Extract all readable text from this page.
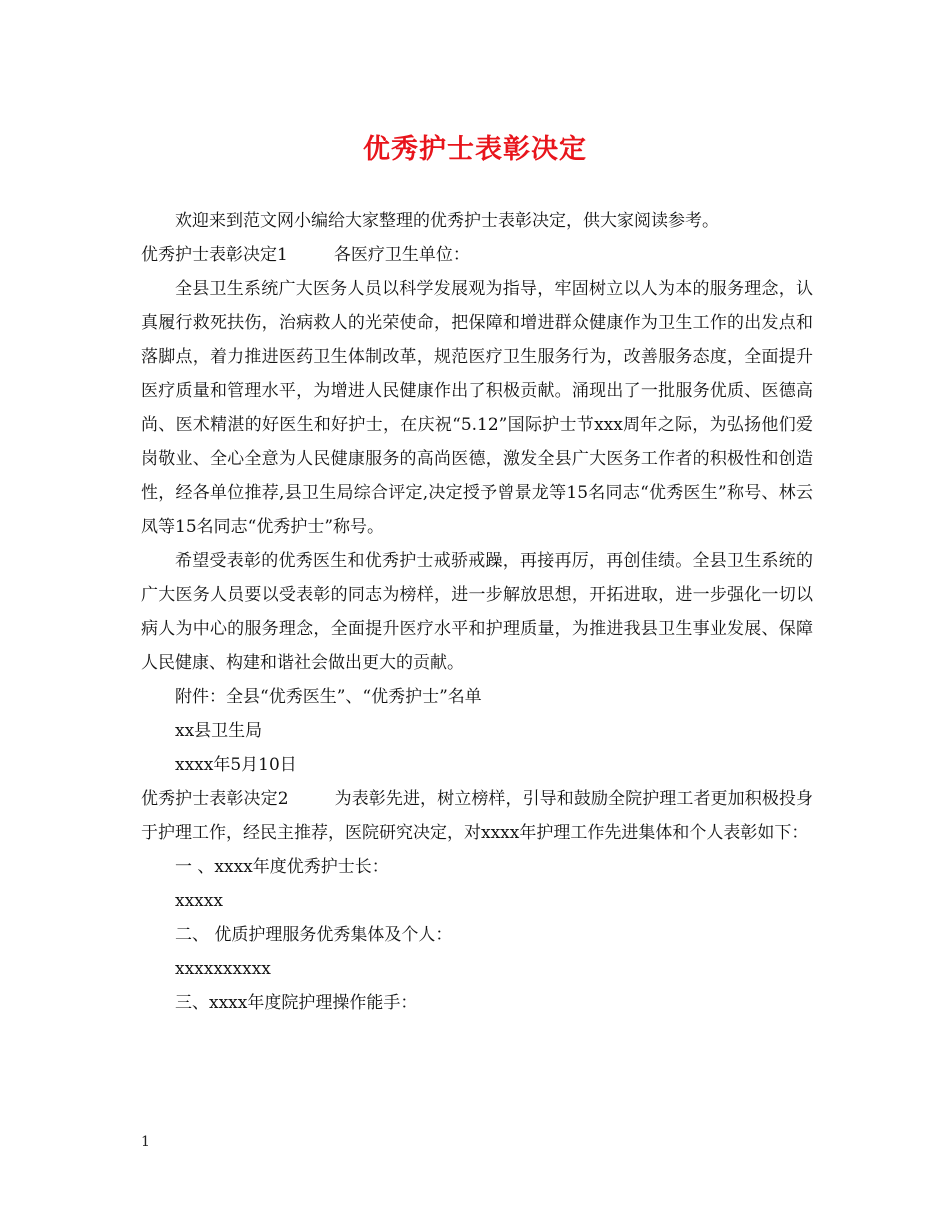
优秀护士表彰决定

欢迎来到范文网小编给大家整理的优秀护士表彰决定，供大家阅读参考。

优秀护士表彰决定1	各医疗卫生单位：

全县卫生系统广大医务人员以科学发展观为指导，牢固树立以人为本的服务理念，认真履行救死扶伤，治病救人的光荣使命，把保障和增进群众健康作为卫生工作的出发点和落脚点，着力推进医药卫生体制改革，规范医疗卫生服务行为，改善服务态度，全面提升医疗质量和管理水平，为增进人民健康作出了积极贡献。涌现出了一批服务优质、医德高尚、医术精湛的好医生和好护士，在庆祝“5.12”国际护士节xxx周年之际，为弘扬他们爱岗敬业、全心全意为人民健康服务的高尚医德，激发全县广大医务工作者的积极性和创造性，经各单位推荐,县卫生局综合评定,决定授予曾景龙等15名同志“优秀医生”称号、林云凤等15名同志“优秀护士”称号。

希望受表彰的优秀医生和优秀护士戒骄戒躁，再接再厉，再创佳绩。全县卫生系统的广大医务人员要以受表彰的同志为榜样，进一步解放思想，开拓进取，进一步强化一切以病人为中心的服务理念，全面提升医疗水平和护理质量，为推进我县卫生事业发展、保障人民健康、构建和谐社会做出更大的贡献。

附件：全县“优秀医生”、“优秀护士”名单

xx县卫生局

xxxx年5月10日

优秀护士表彰决定2	为表彰先进，树立榜样，引导和鼓励全院护理工者更加积极投身于护理工作，经民主推荐，医院研究决定，对xxxx年护理工作先进集体和个人表彰如下：

一 、xxxx年度优秀护士长：

xxxxx

二、 优质护理服务优秀集体及个人：

xxxxxxxxxx

三、xxxx年度院护理操作能手：

1
